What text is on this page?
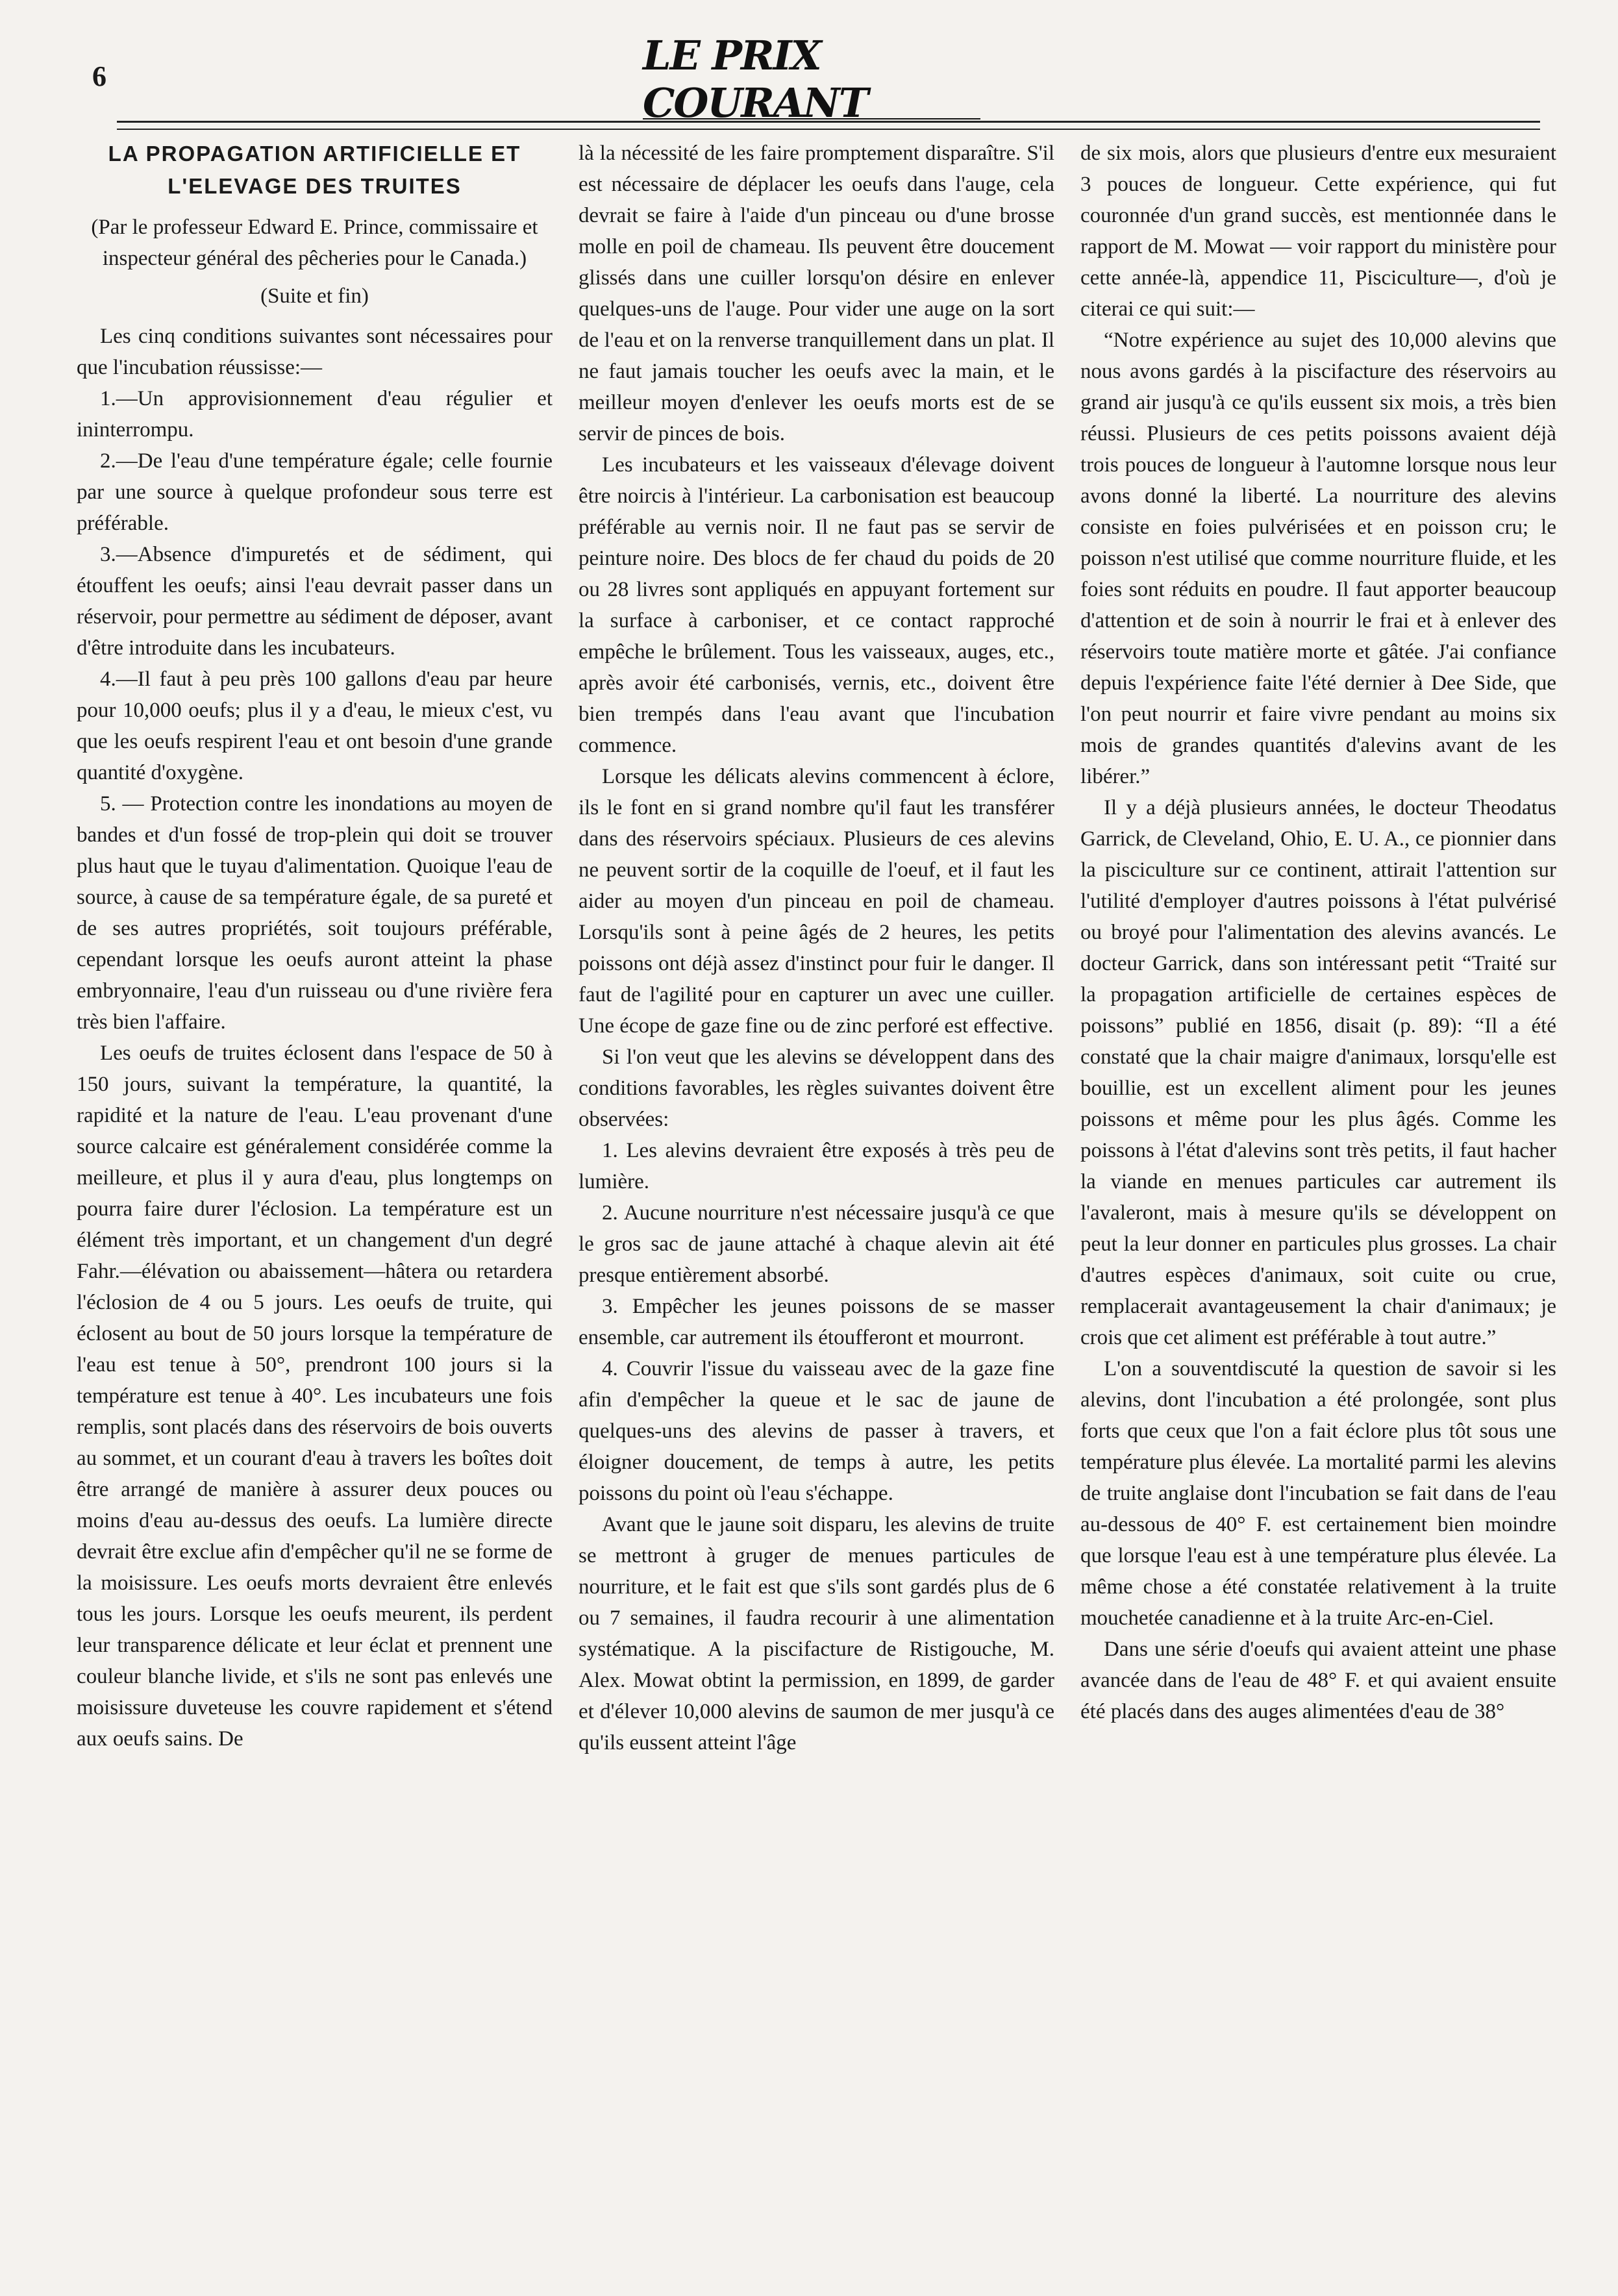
6	LE PRIX COURANT
LA PROPAGATION ARTIFICIELLE ET
L'ELEVAGE DES TRUITES
(Par le professeur Edward E. Prince, commissaire et inspecteur général des pêcheries pour le Canada.)
(Suite et fin)

Les cinq conditions suivantes sont nécessaires pour que l'incubation réussisse:—

1.—Un approvisionnement d'eau régulier et ininterrompu.

2.—De l'eau d'une température égale; celle fournie par une source à quelque profondeur sous terre est préférable.

3.—Absence d'impuretés et de sédiment, qui étouffent les oeufs; ainsi l'eau devrait passer dans un réservoir, pour permettre au sédiment de déposer, avant d'être introduite dans les incubateurs.

4.—Il faut à peu près 100 gallons d'eau par heure pour 10,000 oeufs; plus il y a d'eau, le mieux c'est, vu que les oeufs respirent l'eau et ont besoin d'une grande quantité d'oxygène.

5. — Protection contre les inondations au moyen de bandes et d'un fossé de trop-plein qui doit se trouver plus haut que le tuyau d'alimentation. Quoique l'eau de source, à cause de sa température égale, de sa pureté et de ses autres propriétés, soit toujours préférable, cependant lorsque les oeufs auront atteint la phase embryonnaire, l'eau d'un ruisseau ou d'une rivière fera très bien l'affaire.

Les oeufs de truites éclosent dans l'espace de 50 à 150 jours, suivant la température, la quantité, la rapidité et la nature de l'eau. L'eau provenant d'une source calcaire est généralement considérée comme la meilleure, et plus il y aura d'eau, plus longtemps on pourra faire durer l'éclosion. La température est un élément très important, et un changement d'un degré Fahr.—élévation ou abaissement—hâtera ou retardera l'éclosion de 4 ou 5 jours. Les oeufs de truite, qui éclosent au bout de 50 jours lorsque la température de l'eau est tenue à 50°, prendront 100 jours si la température est tenue à 40°. Les incubateurs une fois remplis, sont placés dans des réservoirs de bois ouverts au sommet, et un courant d'eau à travers les boîtes doit être arrangé de manière à assurer deux pouces ou moins d'eau au-dessus des oeufs. La lumière directe devrait être exclue afin d'empêcher qu'il ne se forme de la moisissure. Les oeufs morts devraient être enlevés tous les jours. Lorsque les oeufs meurent, ils perdent leur transparence délicate et leur éclat et prennent une couleur blanche livide, et s'ils ne sont pas enlevés une moisissure duveteuse les couvre rapidement et s'étend aux oeufs sains. De

là la nécessité de les faire promptement disparaître. S'il est nécessaire de déplacer les oeufs dans l'auge, cela devrait se faire à l'aide d'un pinceau ou d'une brosse molle en poil de chameau. Ils peuvent être doucement glissés dans une cuiller lorsqu'on désire en enlever quelques-uns de l'auge. Pour vider une auge on la sort de l'eau et on la renverse tranquillement dans un plat. Il ne faut jamais toucher les oeufs avec la main, et le meilleur moyen d'enlever les oeufs morts est de se servir de pinces de bois.

Les incubateurs et les vaisseaux d'élevage doivent être noircis à l'intérieur. La carbonisation est beaucoup préférable au vernis noir. Il ne faut pas se servir de peinture noire. Des blocs de fer chaud du poids de 20 ou 28 livres sont appliqués en appuyant fortement sur la surface à carboniser, et ce contact rapproché empêche le brûlement. Tous les vaisseaux, auges, etc., après avoir été carbonisés, vernis, etc., doivent être bien trempés dans l'eau avant que l'incubation commence.

Lorsque les délicats alevins commencent à éclore, ils le font en si grand nombre qu'il faut les transférer dans des réservoirs spéciaux. Plusieurs de ces alevins ne peuvent sortir de la coquille de l'oeuf, et il faut les aider au moyen d'un pinceau en poil de chameau. Lorsqu'ils sont à peine âgés de 2 heures, les petits poissons ont déjà assez d'instinct pour fuir le danger. Il faut de l'agilité pour en capturer un avec une cuiller. Une écope de gaze fine ou de zinc perforé est effective.

Si l'on veut que les alevins se développent dans des conditions favorables, les règles suivantes doivent être observées:

1. Les alevins devraient être exposés à très peu de lumière.

2. Aucune nourriture n'est nécessaire jusqu'à ce que le gros sac de jaune attaché à chaque alevin ait été presque entièrement absorbé.

3. Empêcher les jeunes poissons de se masser ensemble, car autrement ils étoufferont et mourront.

4. Couvrir l'issue du vaisseau avec de la gaze fine afin d'empêcher la queue et le sac de jaune de quelques-uns des alevins de passer à travers, et éloigner doucement, de temps à autre, les petits poissons du point où l'eau s'échappe.

Avant que le jaune soit disparu, les alevins de truite se mettront à gruger de menues particules de nourriture, et le fait est que s'ils sont gardés plus de 6 ou 7 semaines, il faudra recourir à une alimentation systématique. A la piscifacture de Ristigouche, M. Alex. Mowat obtint la permission, en 1899, de garder et d'élever 10,000 alevins de saumon de mer jusqu'à ce qu'ils eussent atteint l'âge

de six mois, alors que plusieurs d'entre eux mesuraient 3 pouces de longueur. Cette expérience, qui fut couronnée d'un grand succès, est mentionnée dans le rapport de M. Mowat — voir rapport du ministère pour cette année-là, appendice 11, Pisciculture—, d'où je citerai ce qui suit:—

“Notre expérience au sujet des 10,000 alevins que nous avons gardés à la piscifacture des réservoirs au grand air jusqu'à ce qu'ils eussent six mois, a très bien réussi. Plusieurs de ces petits poissons avaient déjà trois pouces de longueur à l'automne lorsque nous leur avons donné la liberté. La nourriture des alevins consiste en foies pulvérisées et en poisson cru; le poisson n'est utilisé que comme nourriture fluide, et les foies sont réduits en poudre. Il faut apporter beaucoup d'attention et de soin à nourrir le frai et à enlever des réservoirs toute matière morte et gâtée. J'ai confiance depuis l'expérience faite l'été dernier à Dee Side, que l'on peut nourrir et faire vivre pendant au moins six mois de grandes quantités d'alevins avant de les libérer.”

Il y a déjà plusieurs années, le docteur Theodatus Garrick, de Cleveland, Ohio, E. U. A., ce pionnier dans la pisciculture sur ce continent, attirait l'attention sur l'utilité d'employer d'autres poissons à l'état pulvérisé ou broyé pour l'alimentation des alevins avancés. Le docteur Garrick, dans son intéressant petit “Traité sur la propagation artificielle de certaines espèces de poissons” publié en 1856, disait (p. 89): “Il a été constaté que la chair maigre d'animaux, lorsqu'elle est bouillie, est un excellent aliment pour les jeunes poissons et même pour les plus âgés. Comme les poissons à l'état d'alevins sont très petits, il faut hacher la viande en menues particules car autrement ils l'avaleront, mais à mesure qu'ils se développent on peut la leur donner en particules plus grosses. La chair d'autres espèces d'animaux, soit cuite ou crue, remplacerait avantageusement la chair d'animaux; je crois que cet aliment est préférable à tout autre.”

L'on a souventdiscuté la question de savoir si les alevins, dont l'incubation a été prolongée, sont plus forts que ceux que l'on a fait éclore plus tôt sous une température plus élevée. La mortalité parmi les alevins de truite anglaise dont l'incubation se fait dans de l'eau au-dessous de 40° F. est certainement bien moindre que lorsque l'eau est à une température plus élevée. La même chose a été constatée relativement à la truite mouchetée canadienne et à la truite Arc-en-Ciel.

Dans une série d'oeufs qui avaient atteint une phase avancée dans de l'eau de 48° F. et qui avaient ensuite été placés dans des auges alimentées d'eau de 38°
